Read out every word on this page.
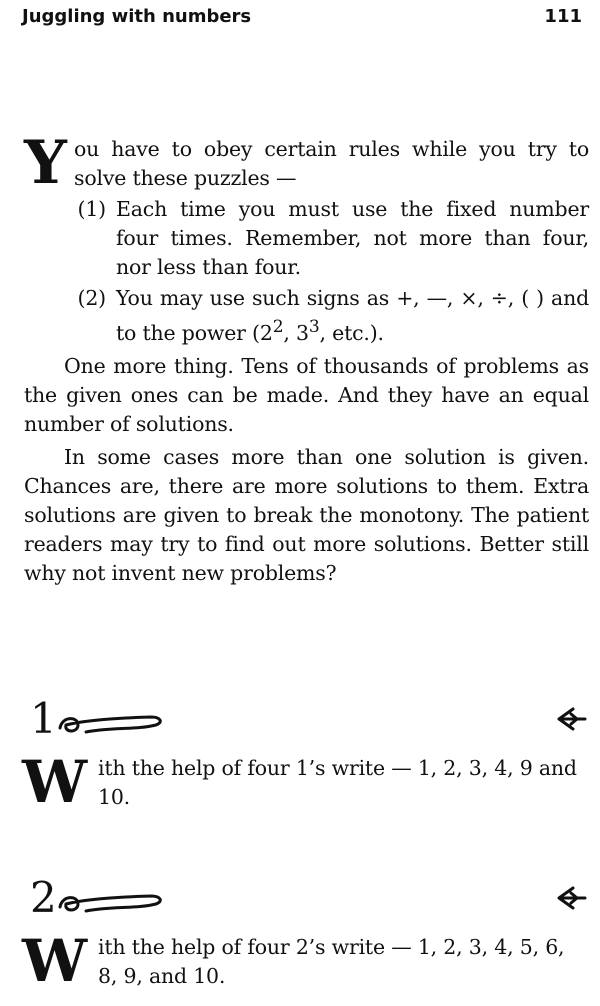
Juggling with numbers	111
Y ou have to obey certain rules while you try to solve these puzzles —
(1) Each time you must use the fixed number four times. Remember, not more than four, nor less than four.
(2) You may use such signs as +, —, ×, ÷, ( ) and to the power ($2^2$, $3^3$, etc.).
One more thing. Tens of thousands of problems as the given ones can be made. And they have an equal number of solutions.
In some cases more than one solution is given. Chances are, there are more solutions to them. Extra solutions are given to break the monotony. The patient readers may try to find out more solutions. Better still why not invent new problems?
1
W ith the help of four 1’s write — 1, 2, 3, 4, 9 and 10.
2
W ith the help of four 2’s write — 1, 2, 3, 4, 5, 6, 8, 9, and 10.
